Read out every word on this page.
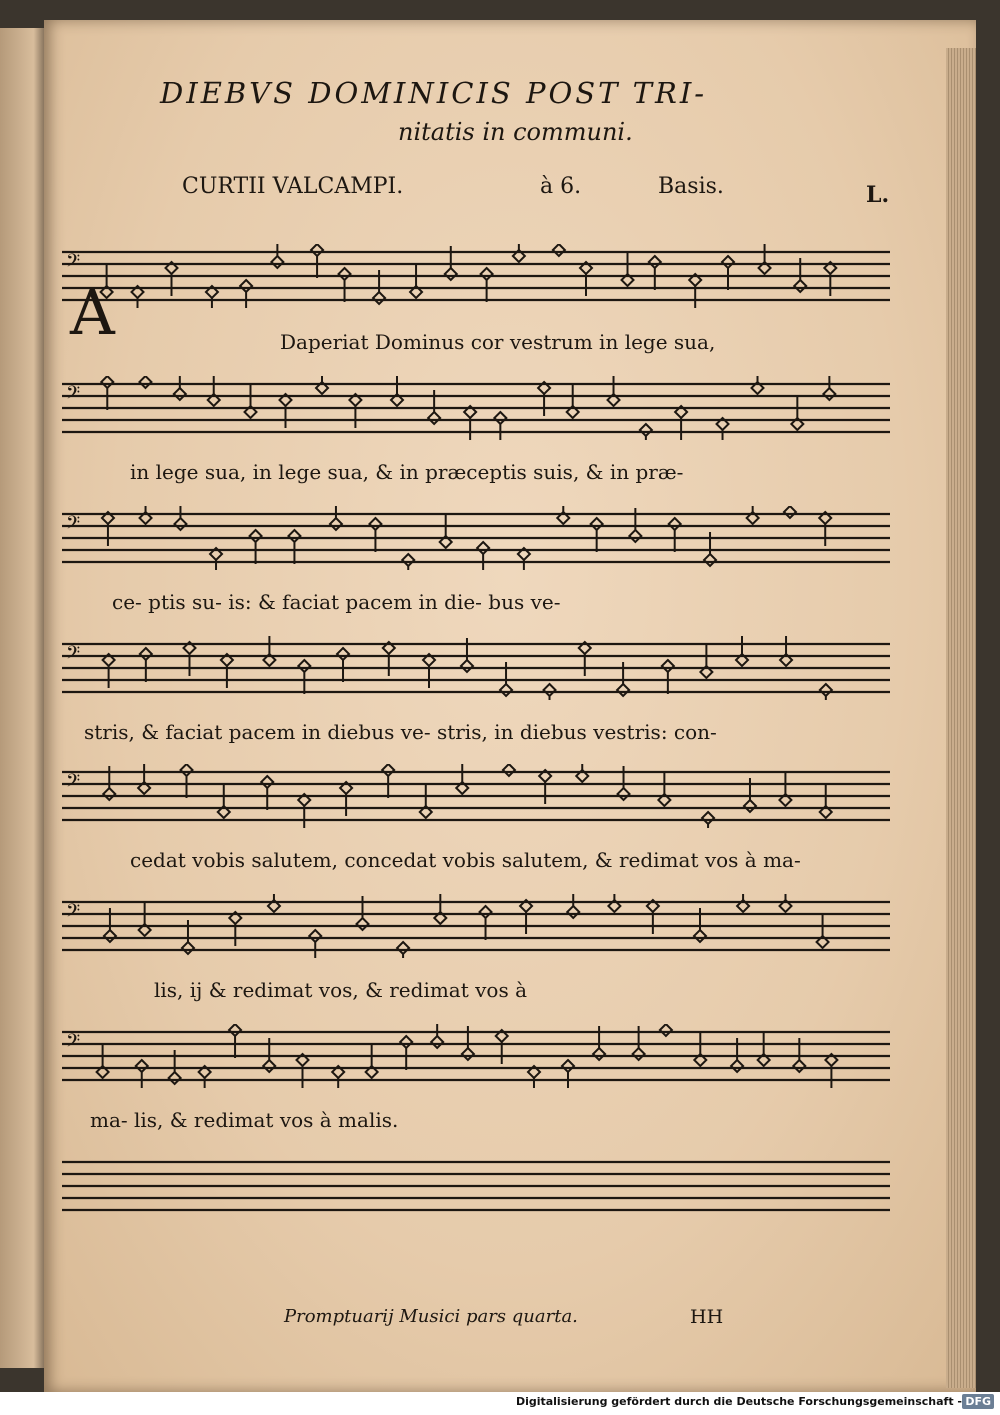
DIEBVS DOMINICIS POST TRI-
nitatis in communi.
CURTII VALCAMPI.	à 6.	Basis.	L.
A
𝄢
𝄢
𝄢
𝄢
𝄢
𝄢
𝄢
Daperiat Dominus cor vestrum in lege sua,
in lege sua, in lege sua, & in præceptis suis, & in præ-
ce- ptis su- is: & faciat pacem in die- bus ve-
stris, & faciat pacem in diebus ve- stris, in diebus vestris: con-
cedat vobis salutem, concedat vobis salutem, & redimat vos à ma-
lis, ij & redimat vos, & redimat vos à
ma- lis, & redimat vos à malis.
Promptuarij Musici pars quarta.	HH
Digitalisierung gefördert durch die Deutsche Forschungsgemeinschaft - DFG
